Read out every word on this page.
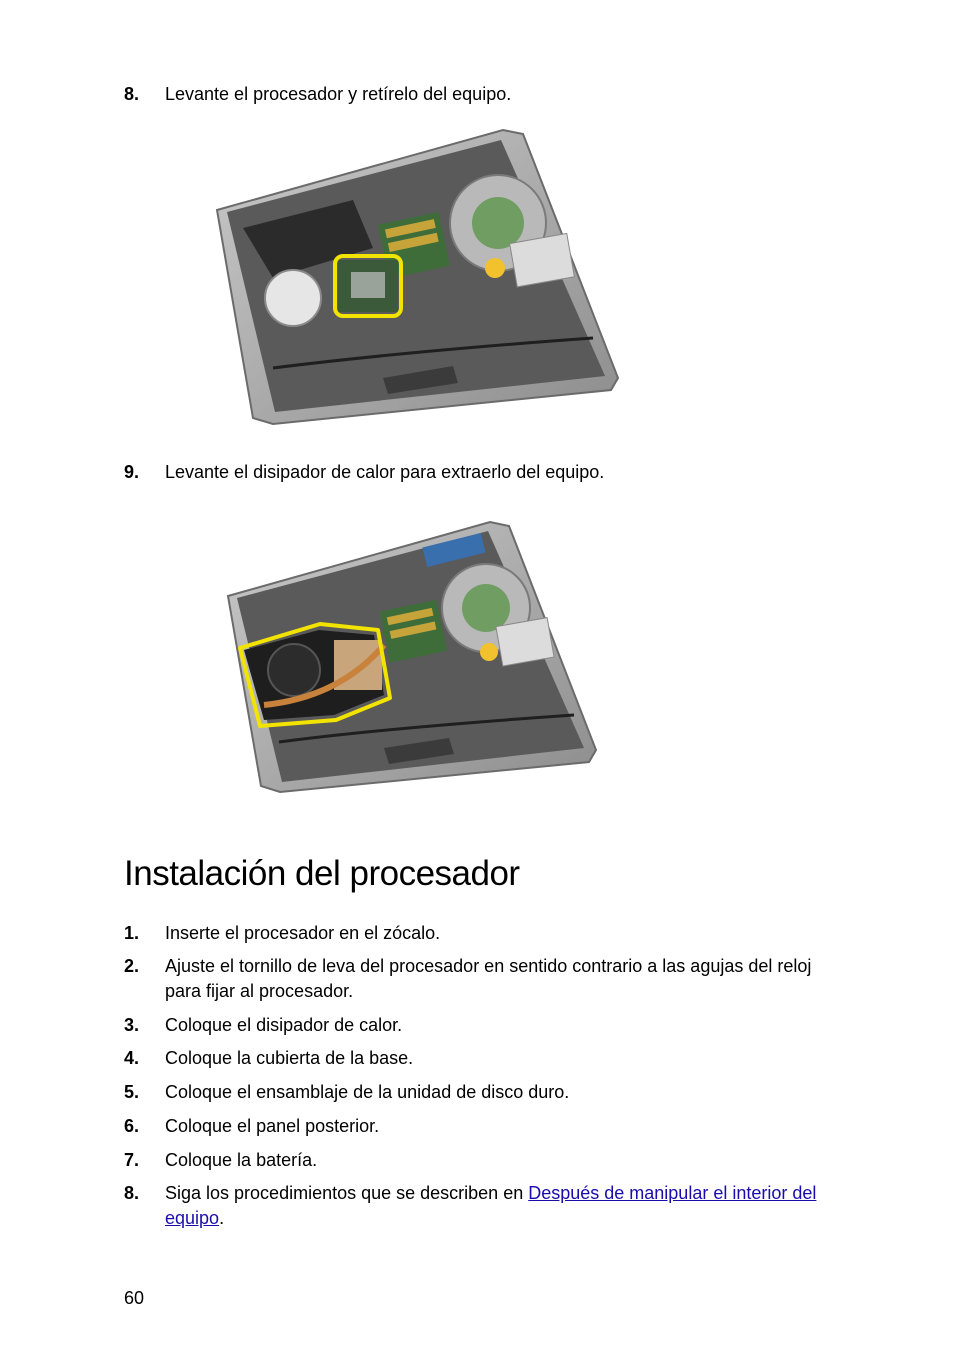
8. Levante el procesador y retírelo del equipo.
9. Levante el disipador de calor para extraerlo del equipo.
Instalación del procesador
1. Inserte el procesador en el zócalo.
2. Ajuste el tornillo de leva del procesador en sentido contrario a las agujas del reloj para fijar al procesador.
3. Coloque el disipador de calor.
4. Coloque la cubierta de la base.
5. Coloque el ensamblaje de la unidad de disco duro.
6. Coloque el panel posterior.
7. Coloque la batería.
8. Siga los procedimientos que se describen en Después de manipular el interior del equipo.
60
